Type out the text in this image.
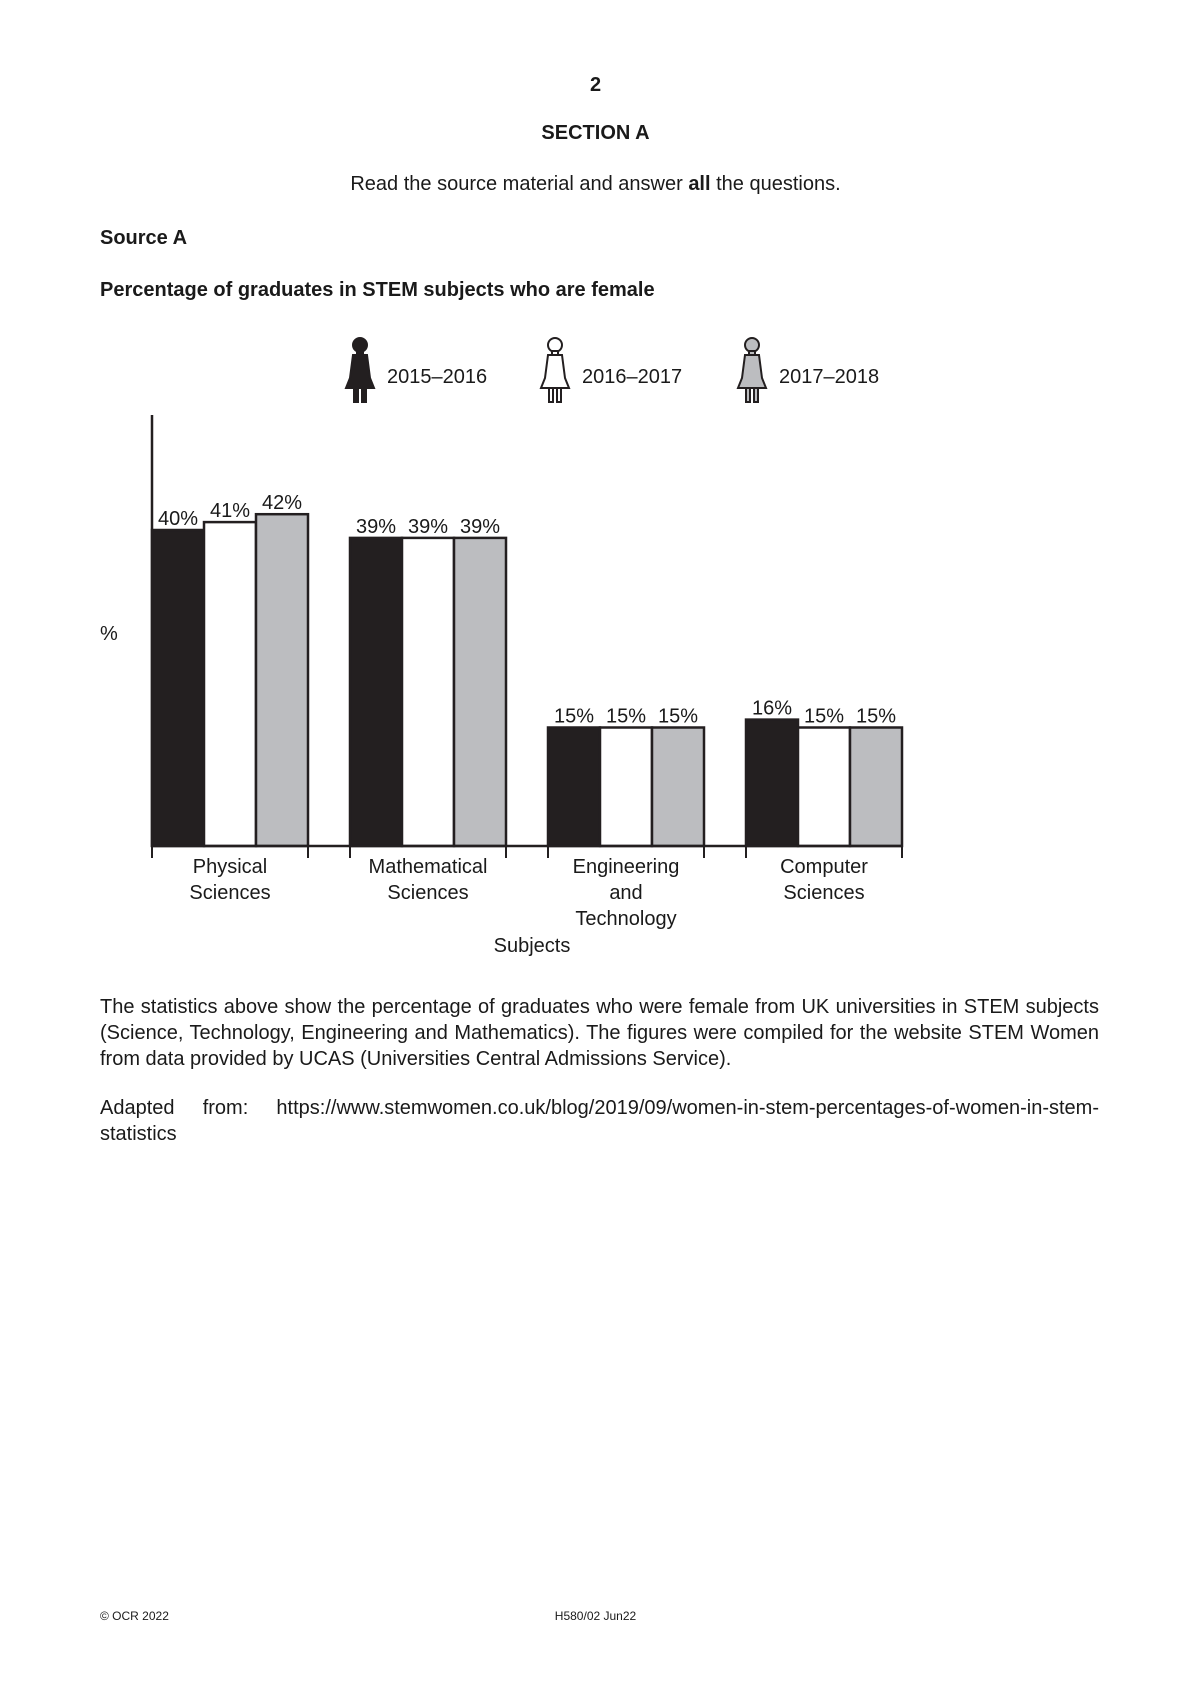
2
SECTION A
Read the source material and answer all the questions.
Source A
Percentage of graduates in STEM subjects who are female
2015–2016	2016–2017	2017–2018
40% 41% 42%
39% 39% 39%
15% 15% 15%	16% 15% 15%
Physical
Sciences
Mathematical
Sciences
Engineering
and
Technology
Computer
Sciences
%
Subjects
The statistics above show the percentage of graduates who were female from UK universities in STEM subjects (Science, Technology, Engineering and Mathematics). The figures were compiled for the website STEM Women from data provided by UCAS (Universities Central Admissions Service).
Adapted from: https://www.stemwomen.co.uk/blog/2019/09/women-in-stem-percentages-of-women-in-stem-statistics
© OCR 2022	H580/02 Jun22
